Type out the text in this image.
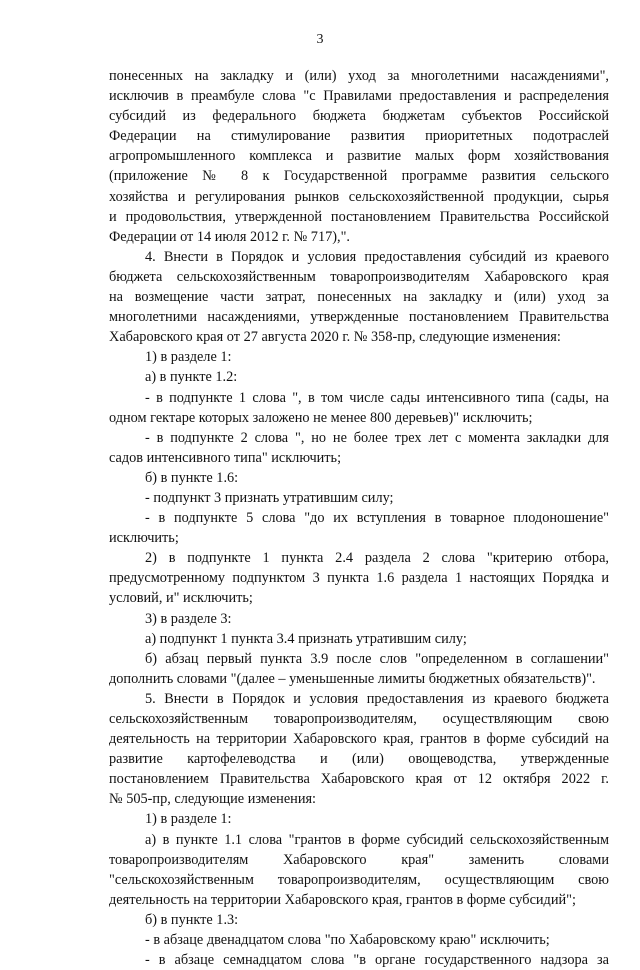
3
понесенных на закладку и (или) уход за многолетними насаждениями",
исключив в преамбуле слова "с Правилами предоставления и распределения
субсидий из федерального бюджета бюджетам субъектов Российской
Федерации на стимулирование развития приоритетных подотраслей
агропромышленного комплекса и развитие малых форм хозяйствования
(приложение № 8 к Государственной программе развития сельского
хозяйства и регулирования рынков сельскохозяйственной продукции, сырья
и продовольствия, утвержденной постановлением Правительства Российской
Федерации от 14 июля 2012 г. № 717),".
4. Внести в Порядок и условия предоставления субсидий из краевого
бюджета сельскохозяйственным товаропроизводителям Хабаровского края
на возмещение части затрат, понесенных на закладку и (или) уход за
многолетними насаждениями, утвержденные постановлением Правительства
Хабаровского края от 27 августа 2020 г. № 358-пр, следующие изменения:
1) в разделе 1:
а) в пункте 1.2:
- в подпункте 1 слова ", в том числе сады интенсивного типа (сады, на
одном гектаре которых заложено не менее 800 деревьев)" исключить;
- в подпункте 2 слова ", но не более трех лет с момента закладки для
садов интенсивного типа" исключить;
б) в пункте 1.6:
- подпункт 3 признать утратившим силу;
- в подпункте 5 слова "до их вступления в товарное плодоношение"
исключить;
2) в подпункте 1 пункта 2.4 раздела 2 слова "критерию отбора,
предусмотренному подпунктом 3 пункта 1.6 раздела 1 настоящих Порядка и
условий, и" исключить;
3) в разделе 3:
а) подпункт 1 пункта 3.4 признать утратившим силу;
б) абзац первый пункта 3.9 после слов "определенном в соглашении"
дополнить словами "(далее – уменьшенные лимиты бюджетных обязательств)".
5. Внести в Порядок и условия предоставления из краевого бюджета
сельскохозяйственным товаропроизводителям, осуществляющим свою
деятельность на территории Хабаровского края, грантов в форме субсидий на
развитие картофелеводства и (или) овощеводства, утвержденные
постановлением Правительства Хабаровского края от 12 октября 2022 г.
№ 505-пр, следующие изменения:
1) в разделе 1:
а) в пункте 1.1 слова "грантов в форме субсидий сельскохозяйственным
товаропроизводителям Хабаровского края" заменить словами
"сельскохозяйственным товаропроизводителям, осуществляющим свою
деятельность на территории Хабаровского края, грантов в форме субсидий";
б) в пункте 1.3:
- в абзаце двенадцатом слова "по Хабаровскому краю" исключить;
- в абзаце семнадцатом слова "в органе государственного надзора за
